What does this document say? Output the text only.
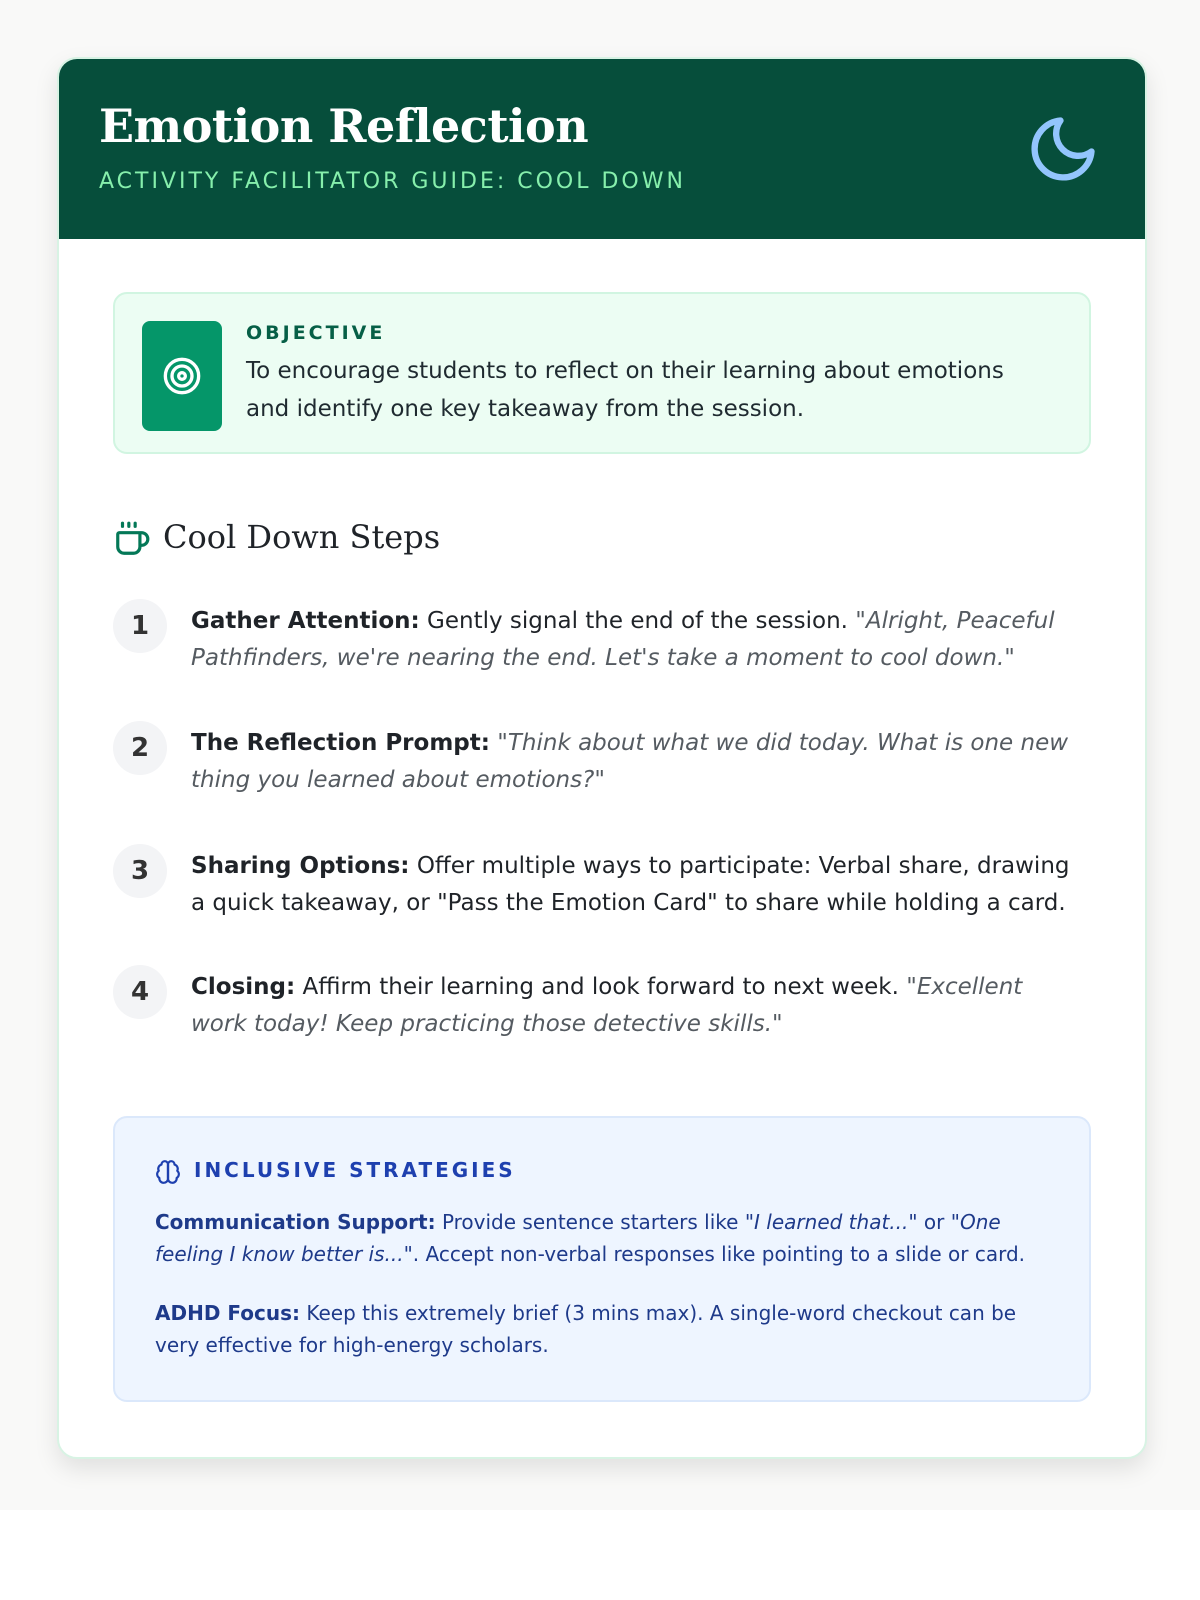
Emotion Reflection
ACTIVITY FACILITATOR GUIDE: COOL DOWN
OBJECTIVE

To encourage students to reflect on their learning about emotions and identify one key takeaway from the session.

Cool Down Steps
1	Gather Attention: Gently signal the end of the session. "Alright, Peaceful Pathfinders, we're nearing the end. Let's take a moment to cool down."

2	The Reflection Prompt: "Think about what we did today. What is one new thing you learned about emotions?"

3	Sharing Options: Offer multiple ways to participate: Verbal share, drawing a quick takeaway, or "Pass the Emotion Card" to share while holding a card.

4	Closing: Affirm their learning and look forward to next week. "Excellent work today! Keep practicing those detective skills."

INCLUSIVE STRATEGIES

Communication Support: Provide sentence starters like "I learned that..." or "One feeling I know better is...". Accept non-verbal responses like pointing to a slide or card.

ADHD Focus: Keep this extremely brief (3 mins max). A single-word checkout can be very effective for high-energy scholars.
